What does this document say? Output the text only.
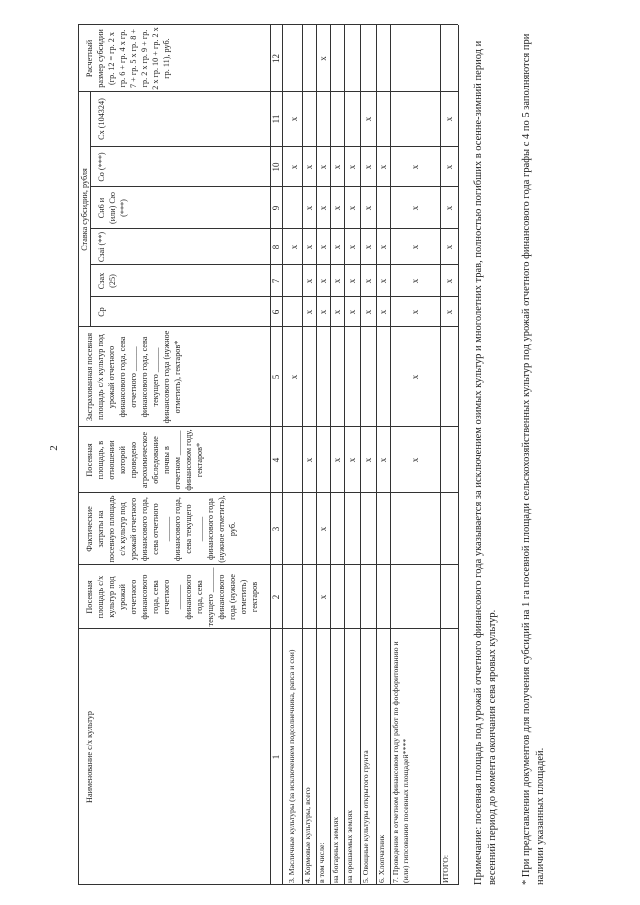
2
Наименование с/х культур
Посевная площадь с/х культур под урожай отчетного финансового года, сева отчетного ______ финансового года, сева текущего ______ финансового года (нужное отметить) гектаров
Фактические затраты на посевную площадь с/х культур под урожай отчетного финансового года, сева отчетного ______ финансового года, сева текущего ______ финансового года (нужное отметить), руб.
Посевная площадь, в отношении которой проведено агрохимическое обследование почвы в отчетном ______ финансовом году, гектаров*
Застрахованная посевная площадь с/х культур под урожай отчетного финансового года, сева отчетного ______ финансового года, сева текущего ______ финансового года (нужное отметить), гектаров*
Ставка субсидии, рубля
Ср
Сзах (25)
Сзаі (**)
Сн6 и (или) Сю (***)
Со (***)
Сх (104324)
Расчетный размер субсидии (гр. 12 = гр. 2 х гр. 6 + гр. 4 х гр. 7 + гр. 5 х гр. 8 + гр. 2 х гр. 9 + гр. 2 х гр. 10 + гр. 2 х гр. 11), руб.
1
2
3
4
5
6
7
8
9
10
11
12
3. Масличные культуры (за исключением подсолнечника, рапса и сои)
x
x
x
x
4. Кормовые культуры, всего
x
x
x
x
x
x
в том числе:
x
x
x
x
x
x
x
x
на богарных землях
x
x
x
x
x
x
на орошаемых землях
x
x
x
x
x
x
5. Овощные культуры открытого грунта
x
x
x
x
x
x
x
6. Хлопчатник
x
x
x
x
x
7. Проведение в отчетном финансовом году работ по фосфоритованию и (или) гипсованию посевных площадей****
x
x
x
x
x
x
x
ИТОГО:
x
x
x
x
x
x Примечание: посевная площадь под урожай отчетного финансового года указывается за исключением озимых культур и многолетних трав, полностью погибших в осенне-зимний период и весенний период до момента окончания сева яровых культур. * При представлении документов для получения субсидий на 1 га посевной площади сельскохозяйственных культур под урожай отчетного финансового года графы с 4 по 5 заполняются при наличии указанных площадей.
